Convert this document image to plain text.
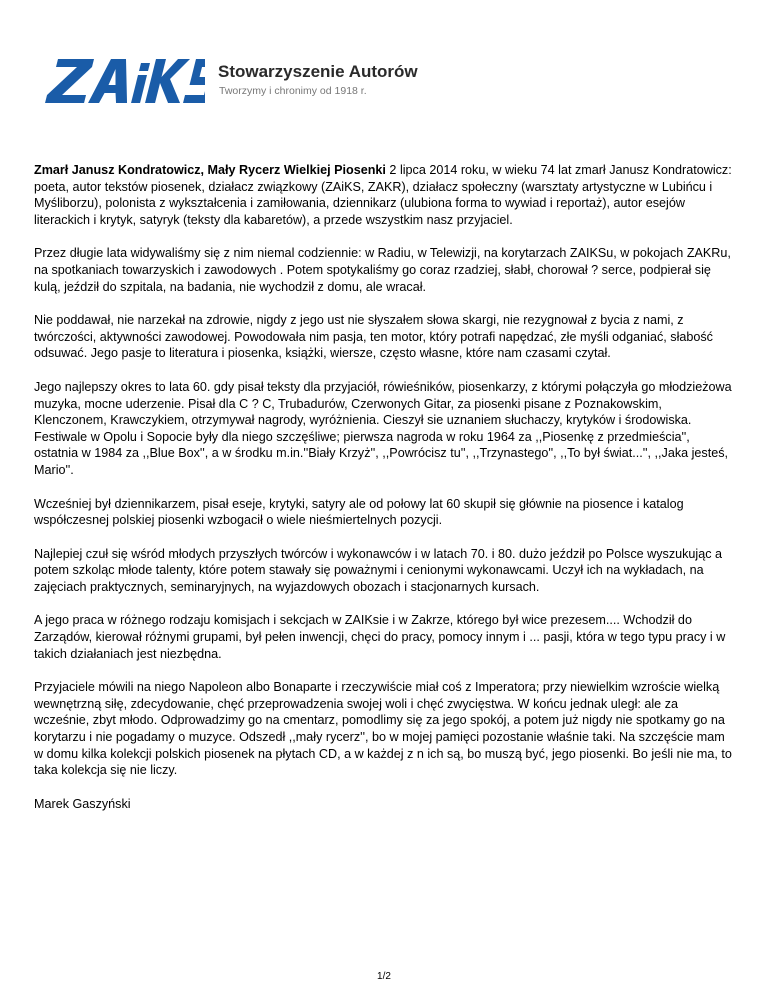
Stowarzyszenie Autorów
Tworzymy i chronimy od 1918 r.

Zmarł Janusz Kondratowicz, Mały Rycerz Wielkiej Piosenki 2 lipca 2014 roku, w wieku 74 lat zmarł Janusz Kondratowicz: poeta, autor tekstów piosenek, działacz związkowy (ZAiKS, ZAKR), działacz społeczny (warsztaty artystyczne w Lubińcu i Myśliborzu), polonista z wykształcenia i zamiłowania, dziennikarz (ulubiona forma to wywiad i reportaż), autor esejów literackich i krytyk, satyryk (teksty dla kabaretów), a przede wszystkim nasz przyjaciel.

Przez długie lata widywaliśmy się z nim niemal codziennie: w Radiu, w Telewizji, na korytarzach ZAIKSu, w pokojach ZAKRu, na spotkaniach towarzyskich i zawodowych . Potem spotykaliśmy go coraz rzadziej, słabł, chorował ? serce, podpierał się kulą, jeździł do szpitala, na badania, nie wychodził z domu, ale wracał.

Nie poddawał, nie narzekał na zdrowie, nigdy z jego ust nie słyszałem słowa skargi, nie rezygnował z bycia z nami, z twórczości, aktywności zawodowej. Powodowała nim pasja, ten motor, który potrafi napędzać, złe myśli odganiać, słabość odsuwać. Jego pasje to literatura i piosenka, książki, wiersze, często własne, które nam czasami czytał.

Jego najlepszy okres to lata 60. gdy pisał teksty dla przyjaciół, rówieśników, piosenkarzy, z którymi połączyła go młodzieżowa muzyka, mocne uderzenie. Pisał dla C ? C, Trubadurów, Czerwonych Gitar, za piosenki pisane z Poznakowskim, Klenczonem, Krawczykiem, otrzymywał nagrody, wyróżnienia. Cieszył sie uznaniem słuchaczy, krytyków i środowiska. Festiwale w Opolu i Sopocie były dla niego szczęśliwe; pierwsza nagroda w roku 1964 za ,,Piosenkę z przedmieścia'', ostatnia w 1984 za ,,Blue Box'', a w środku m.in.''Biały Krzyż'', ,,Powrócisz tu'', ,,Trzynastego'', ,,To był świat...'', ,,Jaka jesteś, Mario''.

Wcześniej był dziennikarzem, pisał eseje, krytyki, satyry ale od połowy lat 60 skupił się głównie na piosence i katalog współczesnej polskiej piosenki wzbogacił o wiele nieśmiertelnych pozycji.

Najlepiej czuł się wśród młodych przyszłych twórców i wykonawców i w latach 70. i 80. dużo jeździł po Polsce wyszukując a potem szkoląc młode talenty, które potem stawały się poważnymi i cenionymi wykonawcami. Uczył ich na wykładach, na zajęciach praktycznych, seminaryjnych, na wyjazdowych obozach i stacjonarnych kursach.

A jego praca w różnego rodzaju komisjach i sekcjach w ZAIKsie i w Zakrze, którego był wice prezesem.... Wchodził do Zarządów, kierował różnymi grupami, był pełen inwencji, chęci do pracy, pomocy innym i ... pasji, która w tego typu pracy i w takich działaniach jest niezbędna.

Przyjaciele mówili na niego Napoleon albo Bonaparte i rzeczywiście miał coś z Imperatora; przy niewielkim wzroście wielką wewnętrzną siłę, zdecydowanie, chęć przeprowadzenia swojej woli i chęć zwycięstwa. W końcu jednak uległ: ale za wcześnie, zbyt młodo. Odprowadzimy go na cmentarz, pomodlimy się za jego spokój, a potem już nigdy nie spotkamy go na korytarzu i nie pogadamy o muzyce. Odszedł ,,mały rycerz'', bo w mojej pamięci pozostanie właśnie taki. Na szczęście mam w domu kilka kolekcji polskich piosenek na płytach CD, a w każdej z n ich są, bo muszą być, jego piosenki. Bo jeśli nie ma, to taka kolekcja się nie liczy.

Marek Gaszyński

1/2
